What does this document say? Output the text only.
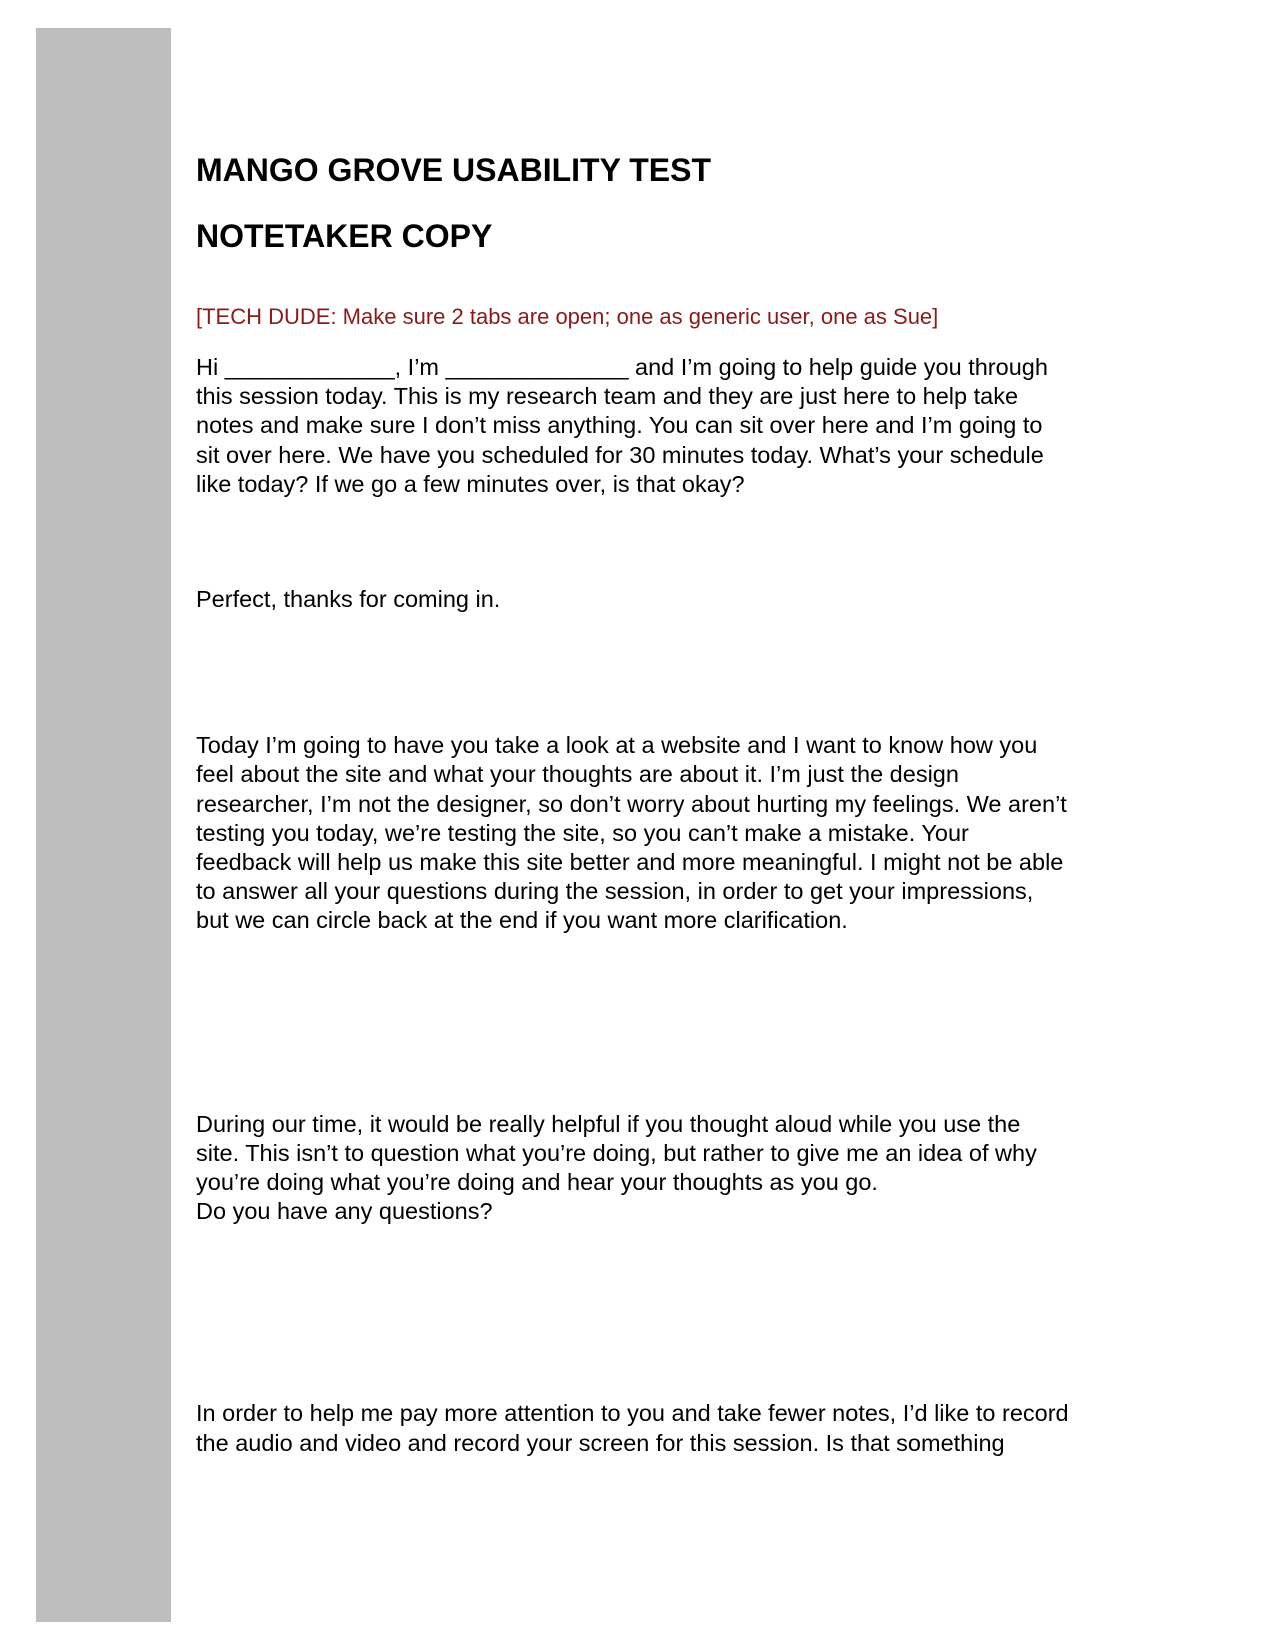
MANGO GROVE USABILITY TEST
NOTETAKER COPY

[TECH DUDE: Make sure 2 tabs are open; one as generic user, one as Sue]

Hi _____________, I’m ______________ and I’m going to help guide you through
this session today. This is my research team and they are just here to help take
notes and make sure I don’t miss anything. You can sit over here and I’m going to
sit over here. We have you scheduled for 30 minutes today. What’s your schedule
like today? If we go a few minutes over, is that okay?

Perfect, thanks for coming in.

Today I’m going to have you take a look at a website and I want to know how you
feel about the site and what your thoughts are about it. I’m just the design
researcher, I’m not the designer, so don’t worry about hurting my feelings. We aren’t
testing you today, we’re testing the site, so you can’t make a mistake. Your
feedback will help us make this site better and more meaningful. I might not be able
to answer all your questions during the session, in order to get your impressions,
but we can circle back at the end if you want more clarification.

During our time, it would be really helpful if you thought aloud while you use the
site. This isn’t to question what you’re doing, but rather to give me an idea of why
you’re doing what you’re doing and hear your thoughts as you go.
Do you have any questions?

In order to help me pay more attention to you and take fewer notes, I’d like to record
the audio and video and record your screen for this session. Is that something
